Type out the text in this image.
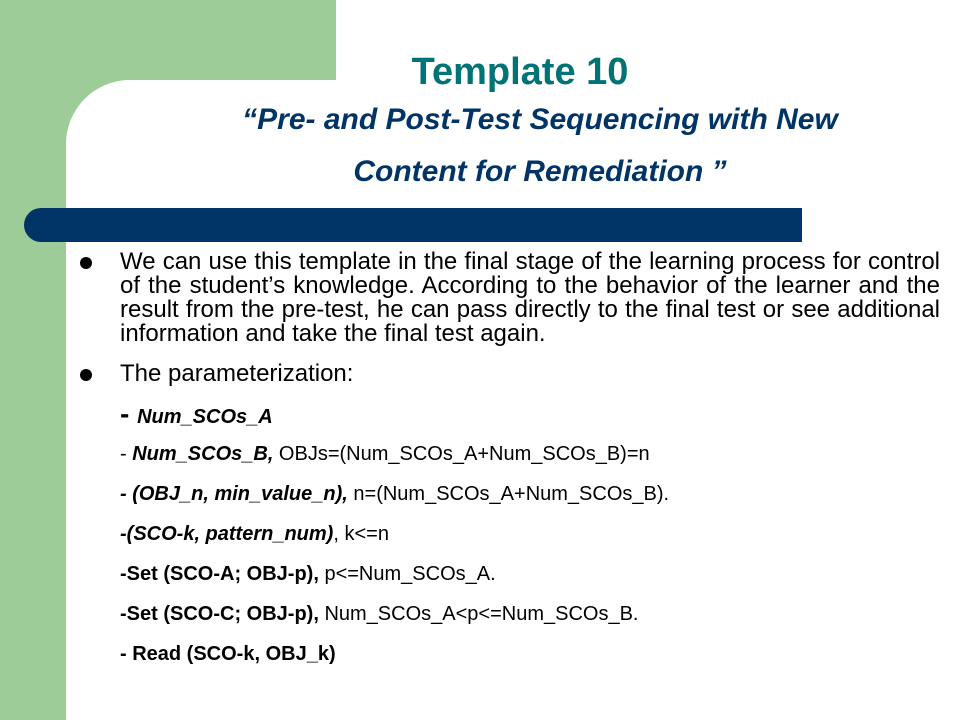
Template 10
“Pre- and Post-Test Sequencing with New
Content for Remediation ”

We can use this template in the final stage of the learning process for control of the student’s knowledge. According to the behavior of the learner and the result from the pre-test, he can pass directly to the final test or see additional information and take the final test again.

The parameterization:

- Num_SCOs_A
- Num_SCOs_B, OBJs=(Num_SCOs_A+Num_SCOs_B)=n
- (OBJ_n, min_value_n), n=(Num_SCOs_A+Num_SCOs_B).
-(SCO-k, pattern_num), k<=n
-Set (SCO-A; OBJ-p), p<=Num_SCOs_A.
-Set (SCO-C; OBJ-p), Num_SCOs_A<p<=Num_SCOs_B.
- Read (SCO-k, OBJ_k)
